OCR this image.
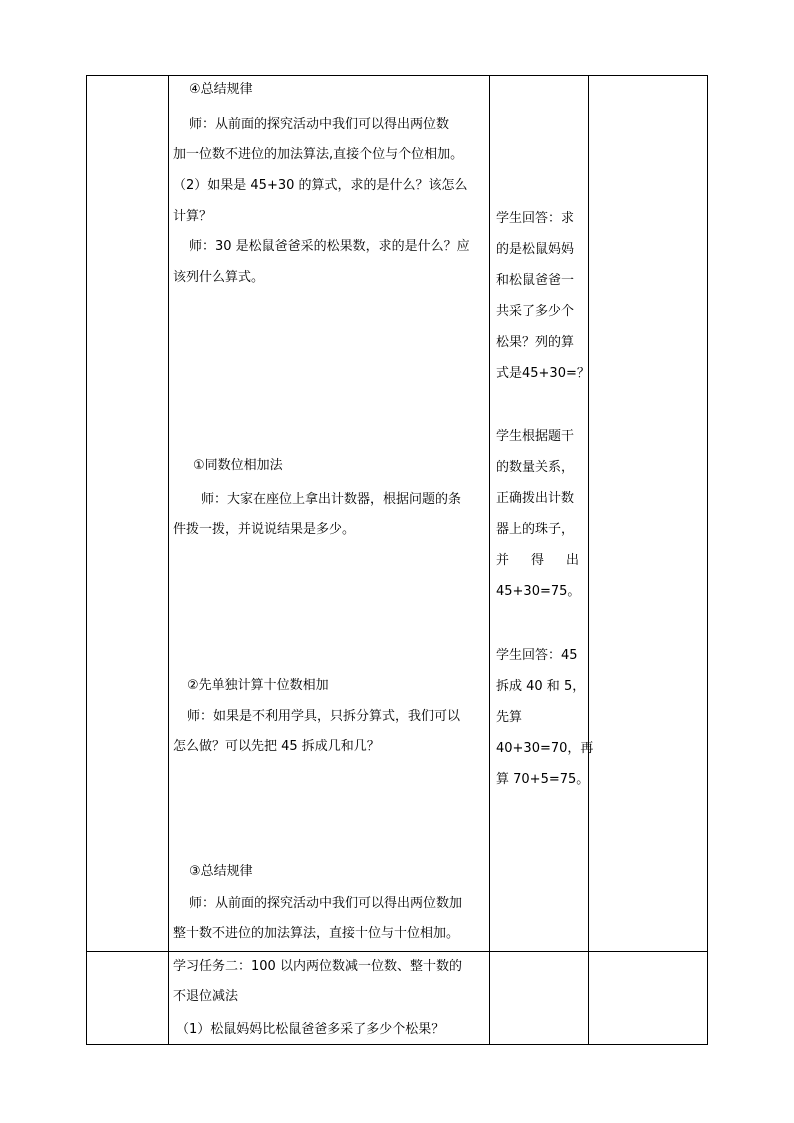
④总结规律
师：从前面的探究活动中我们可以得出两位数
加一位数不进位的加法算法,直接个位与个位相加。
（2）如果是 45+30 的算式，求的是什么？该怎么
计算？
师：30 是松鼠爸爸采的松果数，求的是什么？应
该列什么算式。
①同数位相加法
师：大家在座位上拿出计数器，根据问题的条
件拨一拨，并说说结果是多少。
②先单独计算十位数相加
师：如果是不利用学具，只拆分算式，我们可以
怎么做？可以先把 45 拆成几和几？
③总结规律
师：从前面的探究活动中我们可以得出两位数加
整十数不进位的加法算法，直接十位与十位相加。
学生回答：求
的是松鼠妈妈
和松鼠爸爸一
共采了多少个
松果？列的算
式是45+30=？
学生根据题干
的数量关系，
正确拨出计数
器上的珠子，
并 得 出
45+30=75。
学生回答：45
拆成 40 和 5，
先算
40+30=70，再
算 70+5=75。
学习任务二：100 以内两位数减一位数、整十数的
不退位减法
（1）松鼠妈妈比松鼠爸爸多采了多少个松果？
